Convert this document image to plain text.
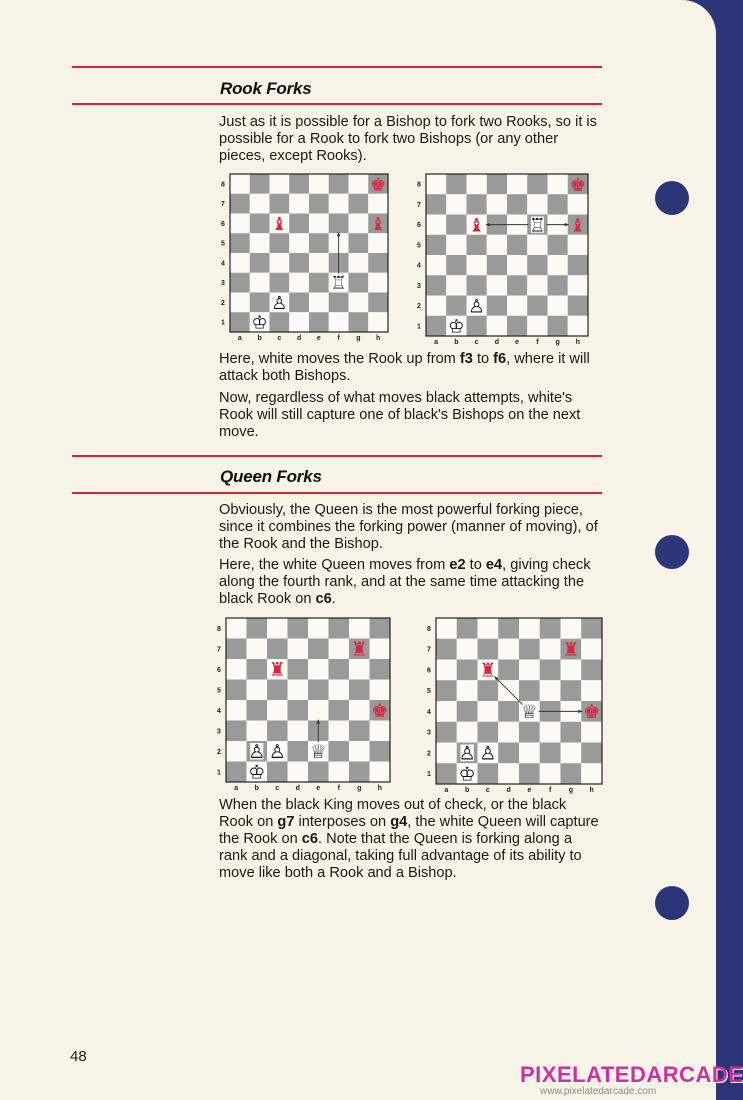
Rook Forks

Just as it is possible for a Bishop to fork two Rooks, so it is possible for a Rook to fork two Bishops (or any other pieces, except Rooks).

8
7
6
5
4
3
2
1
a b c d e f g h
♚
♝	♝
♖
♙
♔
8
7
6
5
4
3
2
1
a b c d e f g h
♚
♝ ♖ ♝
♙
♔

Here, white moves the Rook up from f3 to f6, where it will attack both Bishops.

Now, regardless of what moves black attempts, white's Rook will still capture one of black's Bishops on the next move.

Queen Forks

Obviously, the Queen is the most powerful forking piece, since it combines the forking power (manner of moving), of the Rook and the Bishop.

Here, the white Queen moves from e2 to e4, giving check along the fourth rank, and at the same time attacking the black Rook on c6.

8
7
6
5
4
3
2
1
a b c d e f g h
♜
♜
♚
♙ ♙ ♕
♔
8
7
6
5
4
3
2
1
a b c d e	f g h
♜
♜
♕ ♚
♙ ♙
♔

When the black King moves out of check, or the black Rook on g7 interposes on g4, the white Queen will capture the Rook on c6. Note that the Queen is forking along a rank and a diagonal, taking full advantage of its ability to move like both a Rook and a Bishop.

48
PIXELATEDARCADE
www.pixelatedarcade.com
